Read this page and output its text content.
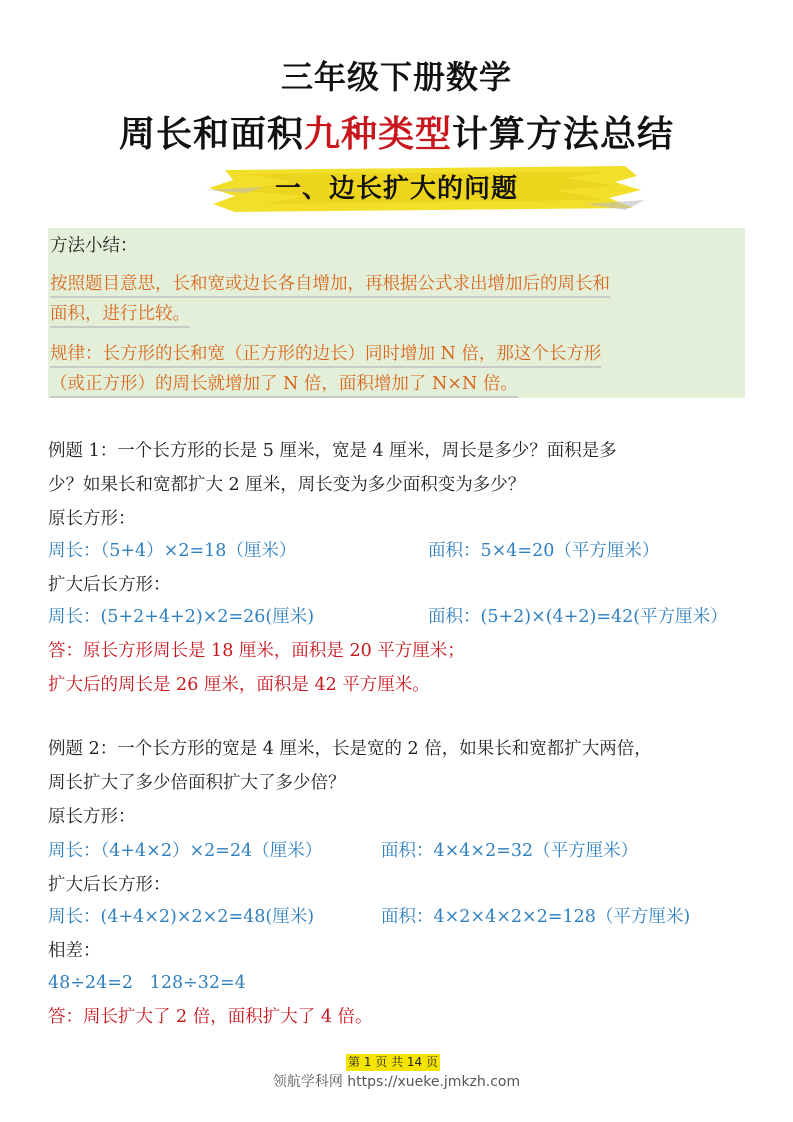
三年级下册数学
周长和面积九种类型计算方法总结
一、边长扩大的问题
方法小结：
按照题目意思，长和宽或边长各自增加，再根据公式求出增加后的周长和
面积，进行比较。
规律：长方形的长和宽（正方形的边长）同时增加 N 倍，那这个长方形
（或正方形）的周长就增加了 N 倍，面积增加了 N×N 倍。
例题 1：一个长方形的长是 5 厘米，宽是 4 厘米，周长是多少？面积是多
少？如果长和宽都扩大 2 厘米，周长变为多少面积变为多少？
原长方形：
周长：（5+4）×2=18（厘米）	面积：5×4=20（平方厘米）
扩大后长方形：
周长：(5+2+4+2)×2=26(厘米)	面积：(5+2)×(4+2)=42(平方厘米）
答：原长方形周长是 18 厘米，面积是 20 平方厘米；
扩大后的周长是 26 厘米，面积是 42 平方厘米。
例题 2：一个长方形的宽是 4 厘米，长是宽的 2 倍，如果长和宽都扩大两倍，
周长扩大了多少倍面积扩大了多少倍？
原长方形：
周长：（4+4×2）×2=24（厘米）	面积：4×4×2=32（平方厘米）
扩大后长方形：
周长：(4+4×2)×2×2=48(厘米)	面积：4×2×4×2×2=128（平方厘米)
相差：
48÷24=2   128÷32=4
答：周长扩大了 2 倍，面积扩大了 4 倍。
第 1 页 共 14 页
领航学科网 https://xueke.jmkzh.com
